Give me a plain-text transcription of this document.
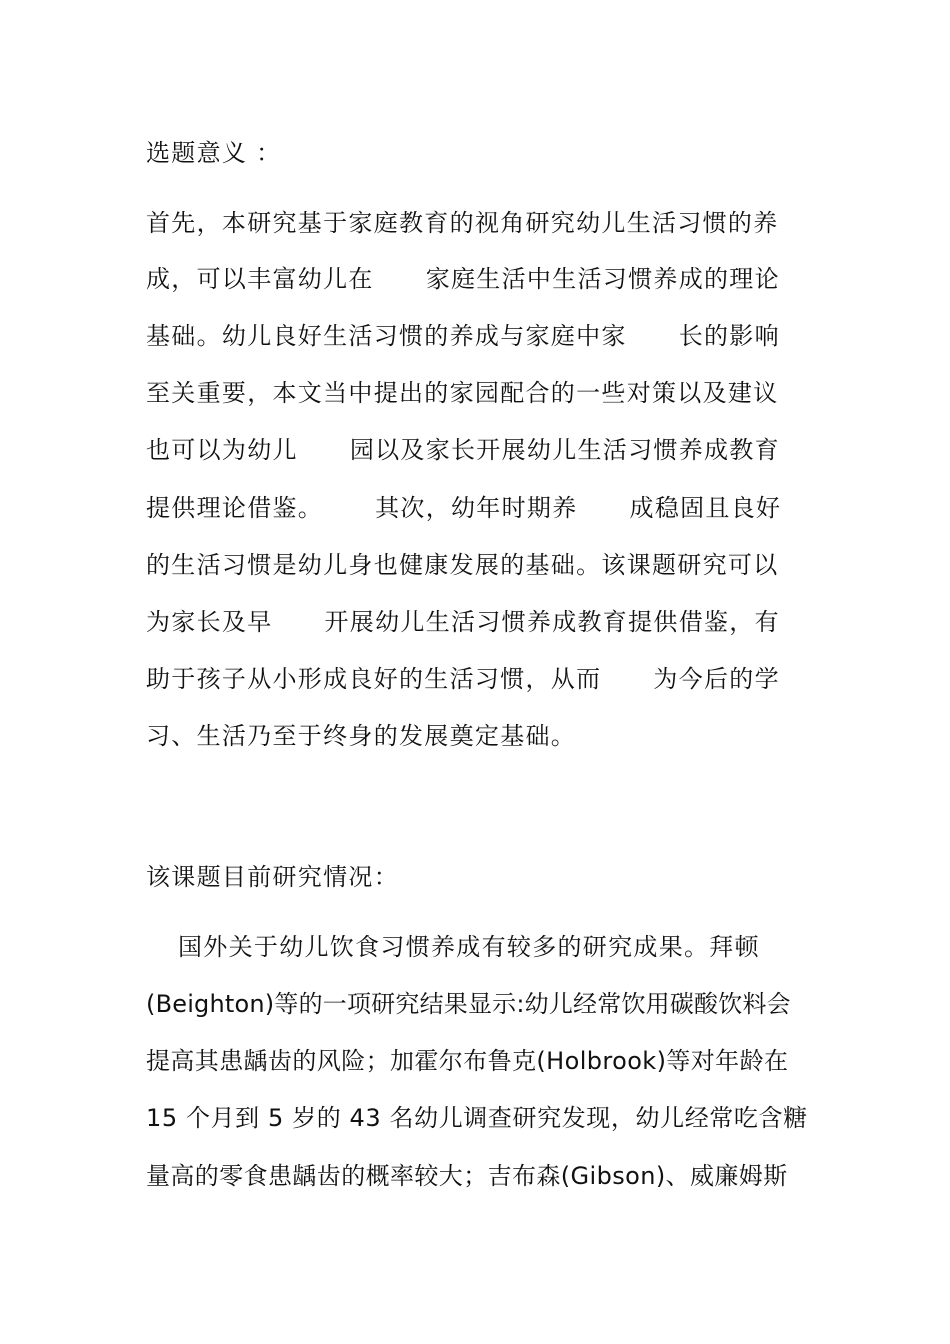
选题意义 ：
首先，本研究基于家庭教育的视角研究幼儿生活习惯的养
成，可以丰富幼儿在 家庭生活中生活习惯养成的理论
基础。幼儿良好生活习惯的养成与家庭中家 长的影响
至关重要，本文当中提出的家园配合的一些对策以及建议
也可以为幼儿 园以及家长开展幼儿生活习惯养成教育
提供理论借鉴。 其次，幼年时期养 成稳固且良好
的生活习惯是幼儿身也健康发展的基础。该课题研究可以
为家长及早 开展幼儿生活习惯养成教育提供借鉴，有
助于孩子从小形成良好的生活习惯，从而 为今后的学
习、生活乃至于终身的发展奠定基础。
该课题目前研究情况：
国外关于幼儿饮食习惯养成有较多的研究成果。拜顿
(Beighton)等的一项研究结果显示:幼儿经常饮用碳酸饮料会
提高其患龋齿的风险；加霍尔布鲁克(Holbrook)等对年龄在
15 个月到 5 岁的 43 名幼儿调查研究发现，幼儿经常吃含糖
量高的零食患龋齿的概率较大；吉布森(Gibson)、威廉姆斯
